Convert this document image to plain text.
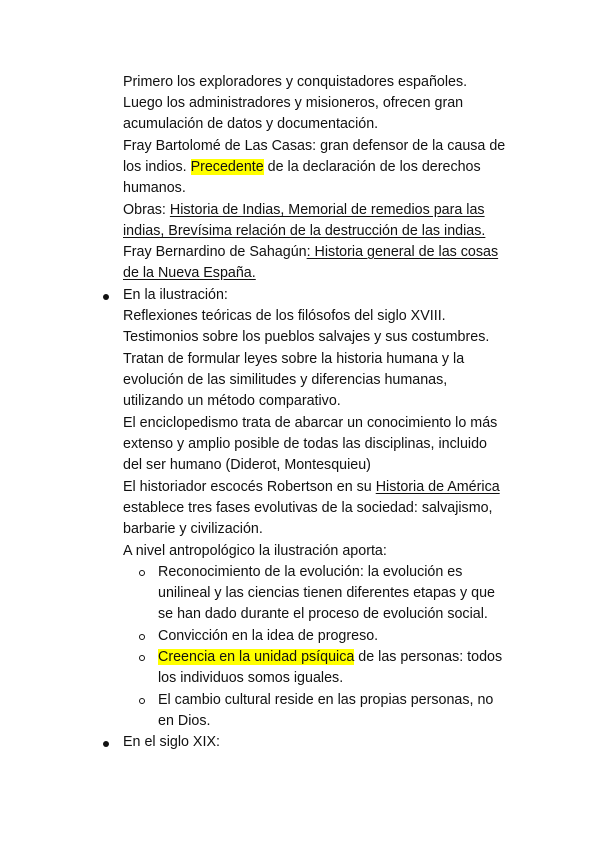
Primero los exploradores y conquistadores españoles.
Luego los administradores y misioneros, ofrecen gran
acumulación de datos y documentación.
Fray Bartolomé de Las Casas: gran defensor de la causa de
los indios. Precedente de la declaración de los derechos
humanos.
Obras: Historia de Indias, Memorial de remedios para las
indias, Brevísima relación de la destrucción de las indias.
Fray Bernardino de Sahagún: Historia general de las cosas
de la Nueva España.
En la ilustración:
Reflexiones teóricas de los filósofos del siglo XVIII.
Testimonios sobre los pueblos salvajes y sus costumbres.
Tratan de formular leyes sobre la historia humana y la
evolución de las similitudes y diferencias humanas,
utilizando un método comparativo.
El enciclopedismo trata de abarcar un conocimiento lo más
extenso y amplio posible de todas las disciplinas, incluido
del ser humano (Diderot, Montesquieu)
El historiador escocés Robertson en su Historia de América
establece tres fases evolutivas de la sociedad: salvajismo,
barbarie y civilización.
A nivel antropológico la ilustración aporta:
Reconocimiento de la evolución: la evolución es
unilineal y las ciencias tienen diferentes etapas y que
se han dado durante el proceso de evolución social.
Convicción en la idea de progreso.
Creencia en la unidad psíquica de las personas: todos
los individuos somos iguales.
El cambio cultural reside en las propias personas, no
en Dios.
En el siglo XIX:
